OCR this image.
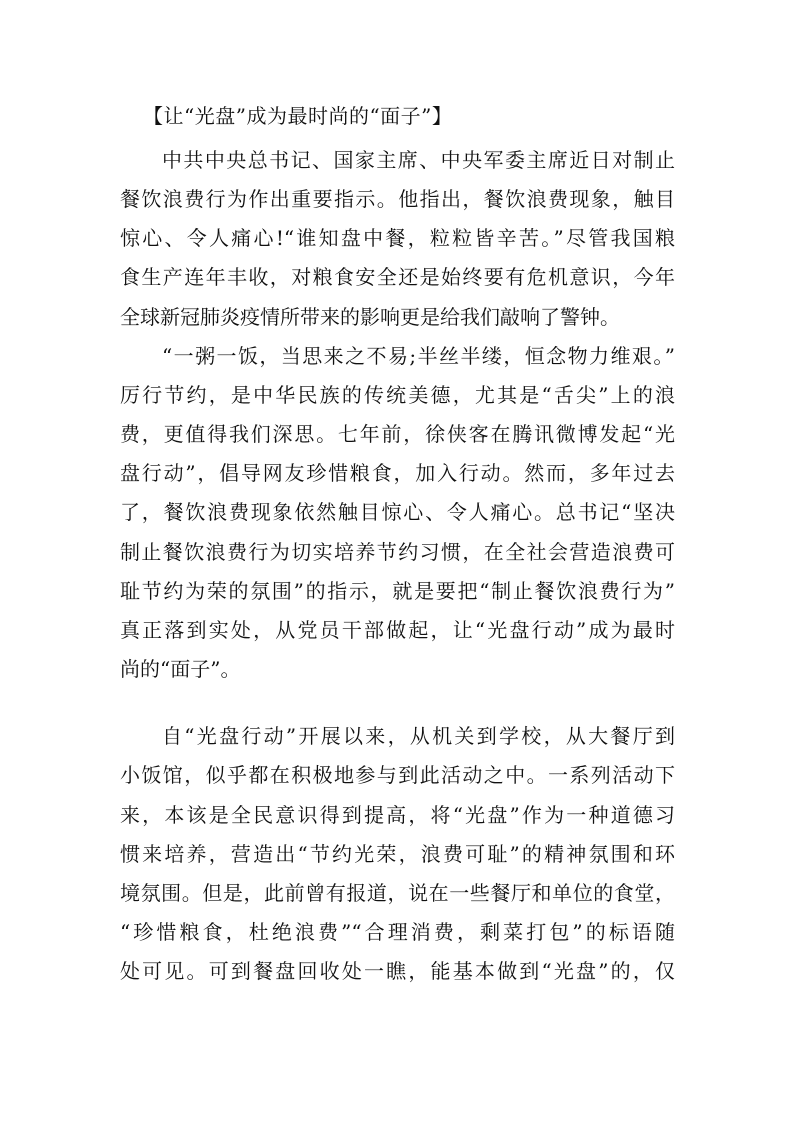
【让“光盘”成为最时尚的“面子”】
中共中央总书记、国家主席、中央军委主席近日对制止
餐饮浪费行为作出重要指示。他指出，餐饮浪费现象，触目
惊心、令人痛心!“谁知盘中餐，粒粒皆辛苦。”尽管我国粮
食生产连年丰收，对粮食安全还是始终要有危机意识，今年
全球新冠肺炎疫情所带来的影响更是给我们敲响了警钟。
“一粥一饭，当思来之不易;半丝半缕，恒念物力维艰。”
厉行节约，是中华民族的传统美德，尤其是“舌尖”上的浪
费，更值得我们深思。七年前，徐侠客在腾讯微博发起“光
盘行动”，倡导网友珍惜粮食，加入行动。然而，多年过去
了，餐饮浪费现象依然触目惊心、令人痛心。总书记“坚决
制止餐饮浪费行为切实培养节约习惯，在全社会营造浪费可
耻节约为荣的氛围”的指示，就是要把“制止餐饮浪费行为”
真正落到实处，从党员干部做起，让“光盘行动”成为最时
尚的“面子”。
自“光盘行动”开展以来，从机关到学校，从大餐厅到
小饭馆，似乎都在积极地参与到此活动之中。一系列活动下
来，本该是全民意识得到提高，将“光盘”作为一种道德习
惯来培养，营造出“节约光荣，浪费可耻”的精神氛围和环
境氛围。但是，此前曾有报道，说在一些餐厅和单位的食堂，
“珍惜粮食，杜绝浪费”“合理消费，剩菜打包”的标语随
处可见。可到餐盘回收处一瞧，能基本做到“光盘”的，仅
